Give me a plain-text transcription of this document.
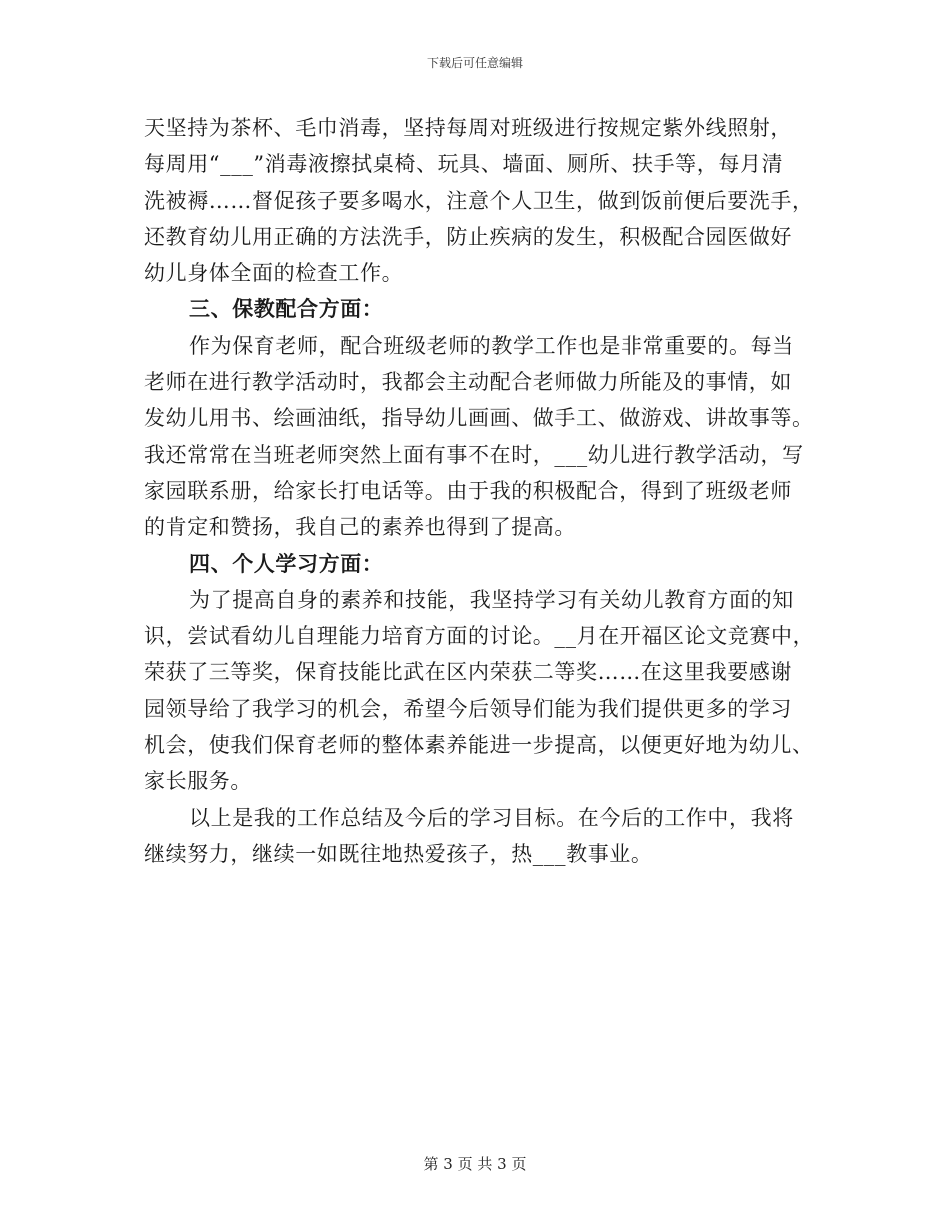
下载后可任意编辑
天坚持为茶杯、毛巾消毒，坚持每周对班级进行按规定紫外线照射，
每周用“___”消毒液擦拭桌椅、玩具、墙面、厕所、扶手等，每月清
洗被褥……督促孩子要多喝水，注意个人卫生，做到饭前便后要洗手，
还教育幼儿用正确的方法洗手，防止疾病的发生，积极配合园医做好
幼儿身体全面的检查工作。
三、保教配合方面：
作为保育老师，配合班级老师的教学工作也是非常重要的。每当
老师在进行教学活动时，我都会主动配合老师做力所能及的事情，如
发幼儿用书、绘画油纸，指导幼儿画画、做手工、做游戏、讲故事等。
我还常常在当班老师突然上面有事不在时，___幼儿进行教学活动，写
家园联系册，给家长打电话等。由于我的积极配合，得到了班级老师
的肯定和赞扬，我自己的素养也得到了提高。
四、个人学习方面：
为了提高自身的素养和技能，我坚持学习有关幼儿教育方面的知
识，尝试看幼儿自理能力培育方面的讨论。__月在开福区论文竞赛中，
荣获了三等奖，保育技能比武在区内荣获二等奖……在这里我要感谢
园领导给了我学习的机会，希望今后领导们能为我们提供更多的学习
机会，使我们保育老师的整体素养能进一步提高，以便更好地为幼儿、
家长服务。
以上是我的工作总结及今后的学习目标。在今后的工作中，我将
继续努力，继续一如既往地热爱孩子，热___教事业。
第 3 页 共 3 页
